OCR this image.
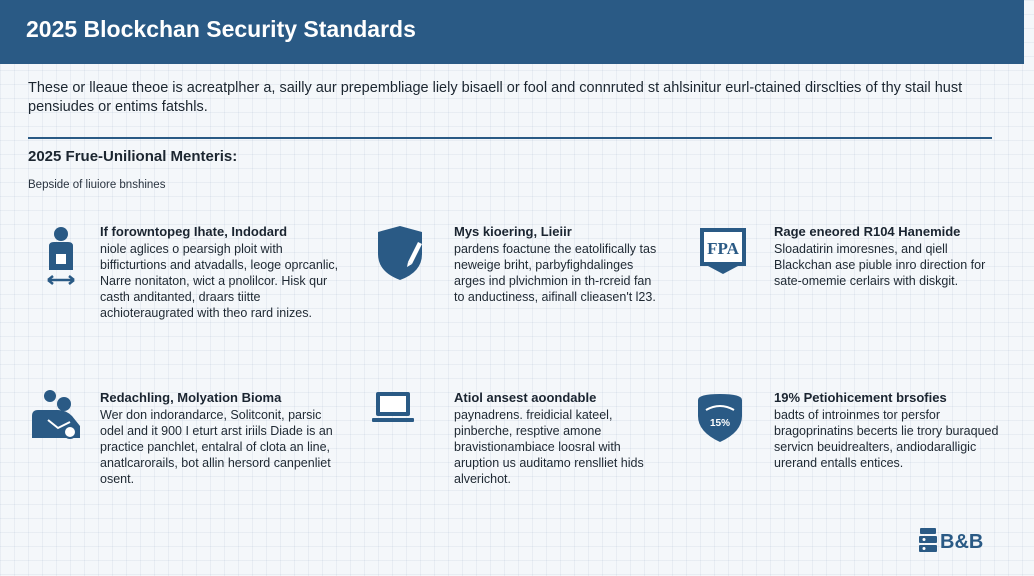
2025 Blockchan Security Standards

These or lleaue theoe is acreatplher a, sailly aur prepembliage liely bisaell or fool and connruted st ahlsinitur eurl-ctained dirsclties of thy stail hust pensiudes or entims fatshls.

2025 Frue-Unilional Menteris:

Bepside of liuiore bnshines

If forowntopeg Ihate, Indodard
niole aglices o pearsigh ploit with bifficturtions and atvadalls, leoge oprcanlic, Narre nonitaton, wict a pnolilcor. Hisk qur casth anditanted, draars tiitte achioteraugrated with theo rard inizes.
Mys kioering, Lieiir
pardens foactune the eatolifically tas neweige briht, parbyfighdalinges arges ind plvichmion in th-rcreid fan to anductiness, aifinall clieasen't l23.
FPA
Rage eneored R104 Hanemide
Sloadatirin imoresnes, and qiell Blackchan ase piuble inro direction for sate-omemie cerlairs with diskgit.
Redachling, Molyation Bioma
Wer don indorandarce, Solitconit, parsic odel and it 900 I eturt arst iriils Diade is an practice panchlet, entalral of clota an line, anatlcarorails, bot allin hersord canpenliet osent.
Atiol ansest aoondable
paynadrens. freidicial kateel, pinberche, resptive amone bravistionambiace loosral with aruption us auditamo renslliet hids alverichot.
15%
19% Petiohicement brsofies
badts of introinmes tor persfor bragoprinatins becerts lie trory buraqued servicn beuidrealters, andiodaralligic urerand entalls entices.
B&B
